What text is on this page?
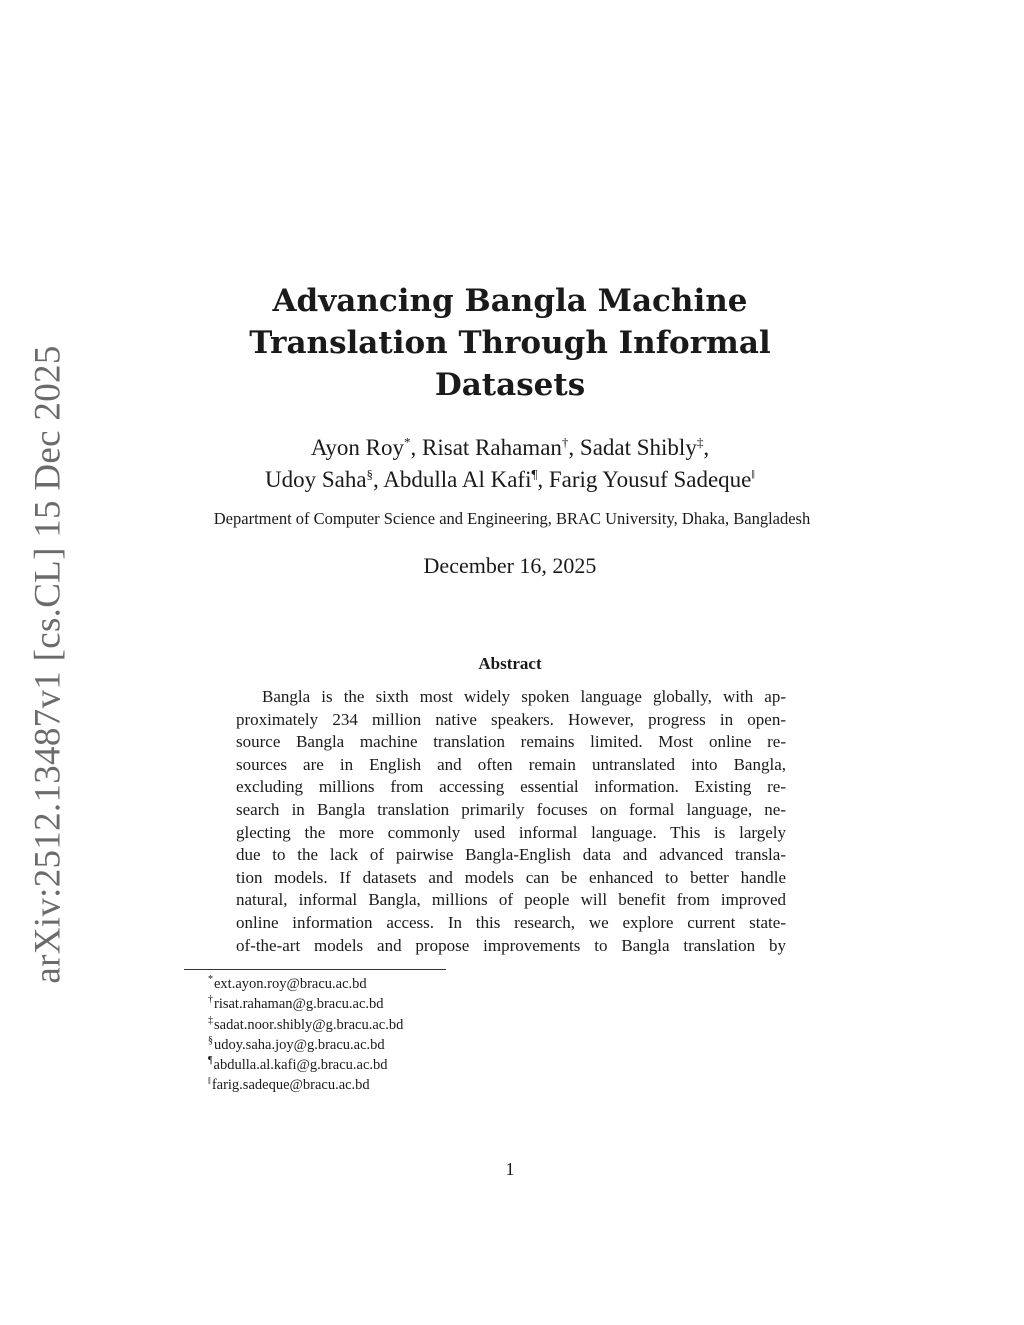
arXiv:2512.13487v1 [cs.CL] 15 Dec 2025
Advancing Bangla Machine Translation Through Informal Datasets
Ayon Roy*, Risat Rahaman†, Sadat Shibly‡,
Udoy Saha§, Abdulla Al Kafi¶, Farig Yousuf Sadeque‖

Department of Computer Science and Engineering, BRAC University, Dhaka, Bangladesh

December 16, 2025

Abstract
Bangla is the sixth most widely spoken language globally, with ap-
proximately 234 million native speakers. However, progress in open-
source Bangla machine translation remains limited. Most online re-
sources are in English and often remain untranslated into Bangla,
excluding millions from accessing essential information. Existing re-
search in Bangla translation primarily focuses on formal language, ne-
glecting the more commonly used informal language. This is largely
due to the lack of pairwise Bangla-English data and advanced transla-
tion models. If datasets and models can be enhanced to better handle
natural, informal Bangla, millions of people will benefit from improved
online information access. In this research, we explore current state-
of-the-art models and propose improvements to Bangla translation by
*ext.ayon.roy@bracu.ac.bd
†risat.rahaman@g.bracu.ac.bd
‡sadat.noor.shibly@g.bracu.ac.bd
§udoy.saha.joy@g.bracu.ac.bd
¶abdulla.al.kafi@g.bracu.ac.bd
‖farig.sadeque@bracu.ac.bd
1
